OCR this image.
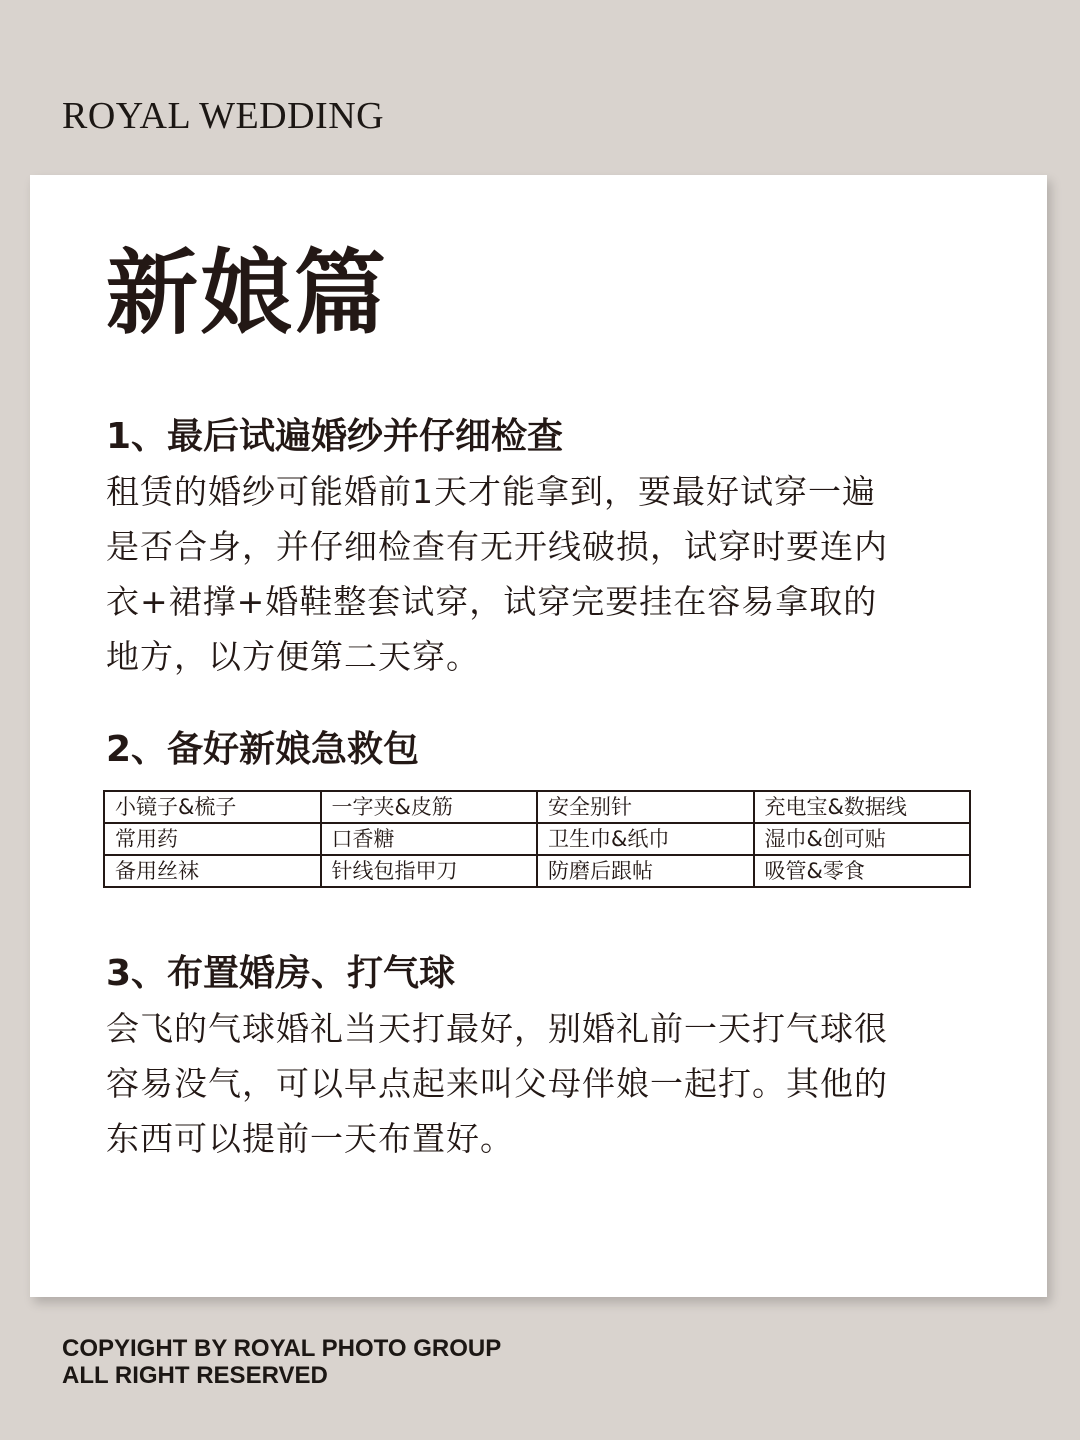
ROYAL WEDDING
新娘篇
1、最后试遍婚纱并仔细检查
租赁的婚纱可能婚前1天才能拿到，要最好试穿一遍
是否合身，并仔细检查有无开线破损，试穿时要连内
衣+裙撑+婚鞋整套试穿，试穿完要挂在容易拿取的
地方，以方便第二天穿。
2、备好新娘急救包
小镜子&梳子	一字夹&皮筋	安全别针	充电宝&数据线
常用药	口香糖	卫生巾&纸巾	湿巾&创可贴
备用丝袜	针线包指甲刀	防磨后跟帖	吸管&零食
3、布置婚房、打气球
会飞的气球婚礼当天打最好，别婚礼前一天打气球很
容易没气，可以早点起来叫父母伴娘一起打。其他的
东西可以提前一天布置好。
COPYIGHT BY ROYAL PHOTO GROUP
ALL RIGHT RESERVED
